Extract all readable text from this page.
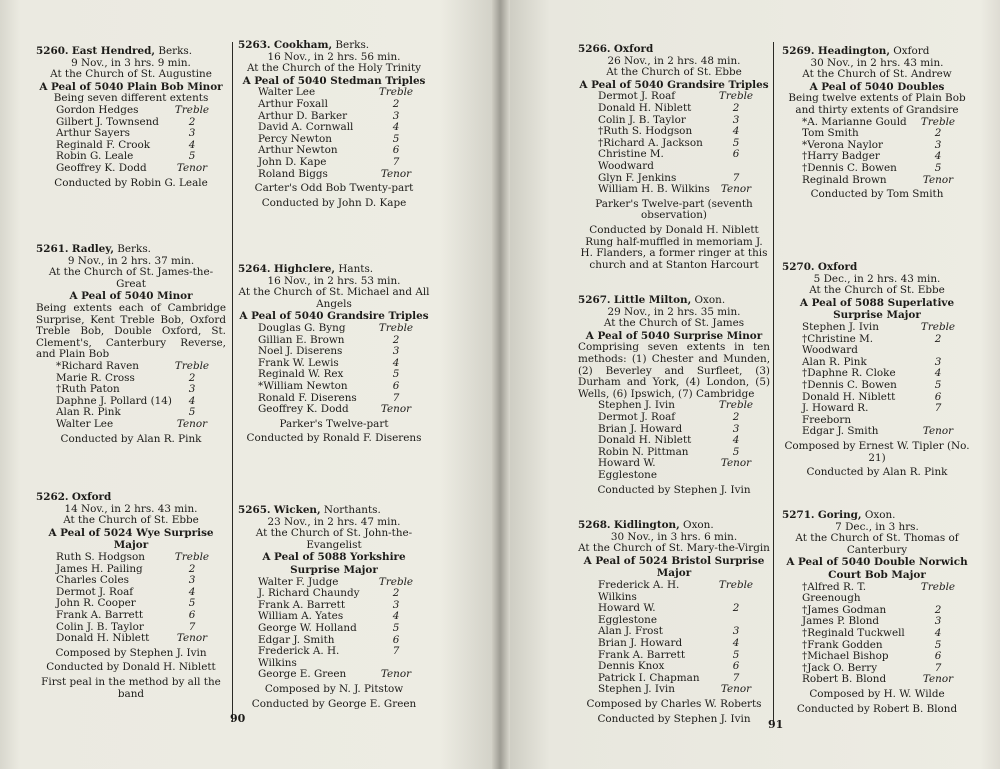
5260. East Hendred, Berks.
9 Nov., in 3 hrs. 9 min.
At the Church of St. Augustine
A Peal of 5040 Plain Bob Minor
Being seven different extents
Gordon Hedges	Treble
Gilbert J. Townsend	2
Arthur Sayers	3
Reginald F. Crook	4
Robin G. Leale	5
Geoffrey K. Dodd	Tenor
Conducted by Robin G. Leale
5261. Radley, Berks.
9 Nov., in 2 hrs. 37 min.
At the Church of St. James-the-Great
A Peal of 5040 Minor
Being extents each of Cambridge Surprise, Kent Treble Bob, Oxford Treble Bob, Double Oxford, St. Clement's, Canterbury Reverse, and Plain Bob
*Richard Raven	Treble
Marie R. Cross	2
†Ruth Paton	3
Daphne J. Pollard (14)	4
Alan R. Pink	5
Walter Lee	Tenor
Conducted by Alan R. Pink
5262. Oxford
14 Nov., in 2 hrs. 43 min.
At the Church of St. Ebbe
A Peal of 5024 Wye Surprise
Major
Ruth S. Hodgson	Treble
James H. Pailing	2
Charles Coles	3
Dermot J. Roaf	4
John R. Cooper	5
Frank A. Barrett	6
Colin J. B. Taylor	7
Donald H. Niblett	Tenor
Composed by Stephen J. Ivin
Conducted by Donald H. Niblett
First peal in the method by all the band
5263. Cookham, Berks.
16 Nov., in 2 hrs. 56 min.
At the Church of the Holy Trinity
A Peal of 5040 Stedman Triples
Walter Lee	Treble
Arthur Foxall	2
Arthur D. Barker	3
David A. Cornwall	4
Percy Newton	5
Arthur Newton	6
John D. Kape	7
Roland Biggs	Tenor
Carter's Odd Bob Twenty-part
Conducted by John D. Kape
5264. Highclere, Hants.
16 Nov., in 2 hrs. 53 min.
At the Church of St. Michael and All Angels
A Peal of 5040 Grandsire Triples
Douglas G. Byng	Treble
Gillian E. Brown	2
Noel J. Diserens	3
Frank W. Lewis	4
Reginald W. Rex	5
*William Newton	6
Ronald F. Diserens	7
Geoffrey K. Dodd	Tenor
Parker's Twelve-part
Conducted by Ronald F. Diserens
5265. Wicken, Northants.
23 Nov., in 2 hrs. 47 min.
At the Church of St. John-the-Evangelist
A Peal of 5088 Yorkshire
Surprise Major
Walter F. Judge	Treble
J. Richard Chaundy	2
Frank A. Barrett	3
William A. Yates	4
George W. Holland	5
Edgar J. Smith	6
Frederick A. H. Wilkins
7
George E. Green	Tenor
Composed by N. J. Pitstow
Conducted by George E. Green
5266. Oxford
26 Nov., in 2 hrs. 48 min.
At the Church of St. Ebbe
A Peal of 5040 Grandsire Triples
Dermot J. Roaf	Treble
Donald H. Niblett	2
Colin J. B. Taylor	3
†Ruth S. Hodgson	4
†Richard A. Jackson	5
Christine M. Woodward
6
Glyn F. Jenkins	7
William H. B. Wilkins	Tenor
Parker's Twelve-part (seventh observation)
Conducted by Donald H. Niblett
Rung half-muffled in memoriam J. H. Flanders, a former ringer at this church and at Stanton Harcourt
5267. Little Milton, Oxon.
29 Nov., in 2 hrs. 35 min.
At the Church of St. James
A Peal of 5040 Surprise Minor
Comprising seven extents in ten methods: (1) Chester and Munden, (2) Beverley and Surfleet, (3) Durham and York, (4) London, (5) Wells, (6) Ipswich, (7) Cambridge
Stephen J. Ivin	Treble
Dermot J. Roaf	2
Brian J. Howard	3
Donald H. Niblett	4
Robin N. Pittman	5
Howard W. Egglestone
Tenor
Conducted by Stephen J. Ivin
5268. Kidlington, Oxon.
30 Nov., in 3 hrs. 6 min.
At the Church of St. Mary-the-Virgin
A Peal of 5024 Bristol Surprise
Major
Frederick A. H. Wilkins
Treble
Howard W. Egglestone
2
Alan J. Frost	3
Brian J. Howard	4
Frank A. Barrett	5
Dennis Knox	6
Patrick I. Chapman	7
Stephen J. Ivin	Tenor
Composed by Charles W. Roberts
Conducted by Stephen J. Ivin
5269. Headington, Oxford
30 Nov., in 2 hrs. 43 min.
At the Church of St. Andrew
A Peal of 5040 Doubles
Being twelve extents of Plain Bob and thirty extents of Grandsire
*A. Marianne Gould Treble
Tom Smith	2
*Verona Naylor	3
†Harry Badger	4
†Dennis C. Bowen	5
Reginald Brown	Tenor
Conducted by Tom Smith
5270. Oxford
5 Dec., in 2 hrs. 43 min.
At the Church of St. Ebbe
A Peal of 5088 Superlative
Surprise Major
Stephen J. Ivin	Treble
†Christine M. Woodward
2
Alan R. Pink	3
†Daphne R. Cloke	4
†Dennis C. Bowen	5
Donald H. Niblett	6
J. Howard R. Freeborn
7
Edgar J. Smith	Tenor
Composed by Ernest W. Tipler (No. 21)
Conducted by Alan R. Pink
5271. Goring, Oxon.
7 Dec., in 3 hrs.
At the Church of St. Thomas of Canterbury
A Peal of 5040 Double Norwich
Court Bob Major
†Alfred R. T. Greenough
Treble
†James Godman	2
James P. Blond	3
†Reginald Tuckwell	4
†Frank Godden	5
†Michael Bishop	6
†Jack O. Berry	7
Robert B. Blond	Tenor
Composed by H. W. Wilde
Conducted by Robert B. Blond
90	91
